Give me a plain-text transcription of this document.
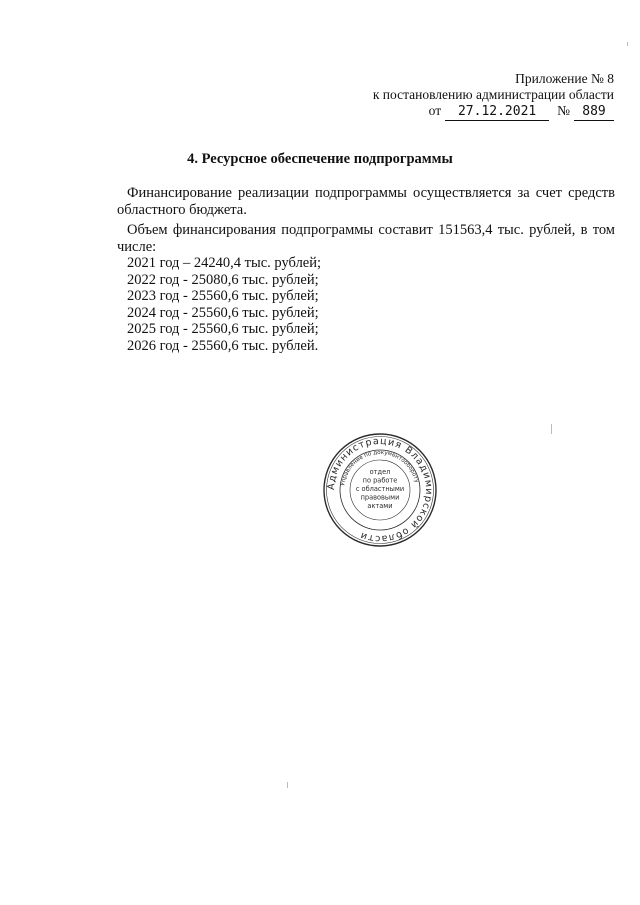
Приложение № 8
к постановлению администрации области
от 27.12.2021 № 889
4. Ресурсное обеспечение подпрограммы

Финансирование реализации подпрограммы осуществляется за счет средств областного бюджета.

Объем финансирования подпрограммы составит 151563,4 тыс. рублей, в том числе:

2021 год – 24240,4 тыс. рублей;
2022 год - 25080,6 тыс. рублей;
2023 год - 25560,6 тыс. рублей;
2024 год - 25560,6 тыс. рублей;
2025 год - 25560,6 тыс. рублей;
2026 год - 25560,6 тыс. рублей.
Администрация Владимирской области
Управление по документообороту
отдел
по работе
с областными
правовыми
актами
